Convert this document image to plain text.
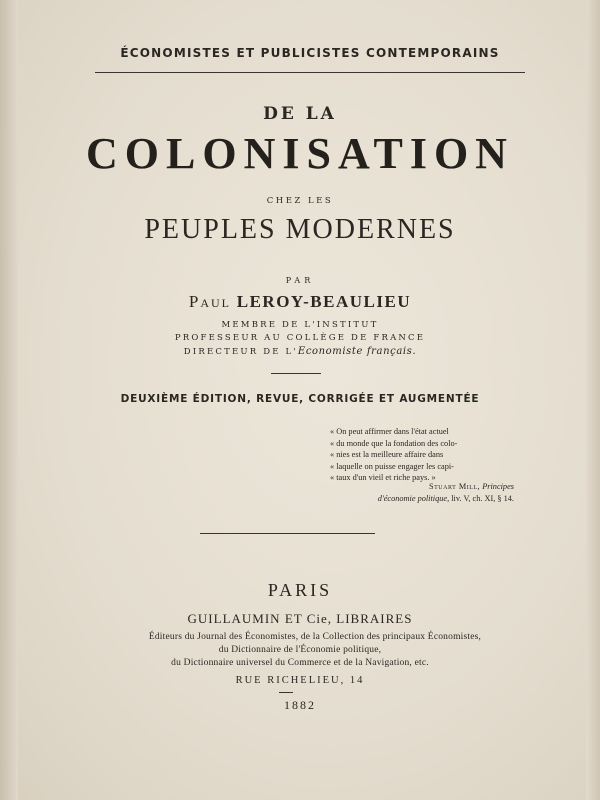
ÉCONOMISTES ET PUBLICISTES CONTEMPORAINS
DE LA
COLONISATION
CHEZ LES
PEUPLES MODERNES
PAR
Paul LEROY-BEAULIEU
MEMBRE DE L'INSTITUT
PROFESSEUR AU COLLÈGE DE FRANCE
DIRECTEUR DE L'Economiste français.
DEUXIÈME ÉDITION, REVUE, CORRIGÉE ET AUGMENTÉE
« On peut affirmer dans l'état actuel
« du monde que la fondation des colo-
« nies est la meilleure affaire dans
« laquelle on puisse engager les capi-
« taux d'un vieil et riche pays. »
Stuart Mill, Principes
d'économie politique, liv. V, ch. XI, § 14.
PARIS
GUILLAUMIN ET Cie, LIBRAIRES
Éditeurs du Journal des Économistes, de la Collection des principaux Économistes,
du Dictionnaire de l'Économie politique,
du Dictionnaire universel du Commerce et de la Navigation, etc.
RUE RICHELIEU, 14
1882
